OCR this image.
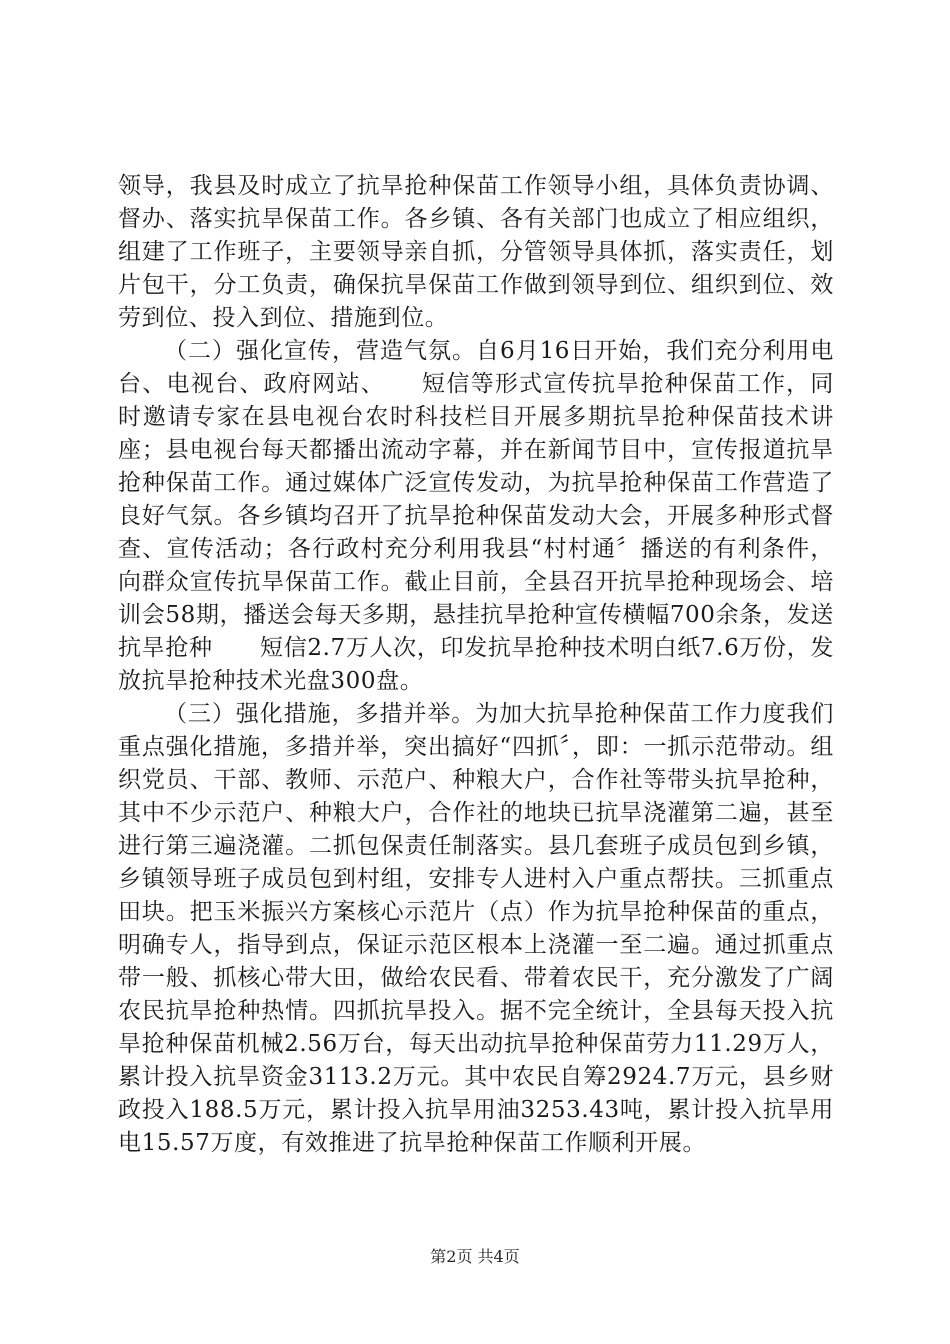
领导，我县及时成立了抗旱抢种保苗工作领导小组，具体负责协调、督办、落实抗旱保苗工作。各乡镇、各有关部门也成立了相应组织，组建了工作班子，主要领导亲自抓，分管领导具体抓，落实责任，划片包干，分工负责，确保抗旱保苗工作做到领导到位、组织到位、效劳到位、投入到位、措施到位。

（二）强化宣传，营造气氛。自6月16日开始，我们充分利用电台、电视台、政府网站、　　短信等形式宣传抗旱抢种保苗工作，同时邀请专家在县电视台农时科技栏目开展多期抗旱抢种保苗技术讲座；县电视台每天都播出流动字幕，并在新闻节目中，宣传报道抗旱抢种保苗工作。通过媒体广泛宣传发动，为抗旱抢种保苗工作营造了良好气氛。各乡镇均召开了抗旱抢种保苗发动大会，开展多种形式督查、宣传活动；各行政村充分利用我县“村村通〞播送的有利条件，向群众宣传抗旱保苗工作。截止目前，全县召开抗旱抢种现场会、培训会58期，播送会每天多期，悬挂抗旱抢种宣传横幅700余条，发送抗旱抢种　　短信2.7万人次，印发抗旱抢种技术明白纸7.6万份，发放抗旱抢种技术光盘300盘。

（三）强化措施，多措并举。为加大抗旱抢种保苗工作力度我们重点强化措施，多措并举，突出搞好“四抓〞，即：一抓示范带动。组织党员、干部、教师、示范户、种粮大户，合作社等带头抗旱抢种，其中不少示范户、种粮大户，合作社的地块已抗旱浇灌第二遍，甚至进行第三遍浇灌。二抓包保责任制落实。县几套班子成员包到乡镇，乡镇领导班子成员包到村组，安排专人进村入户重点帮扶。三抓重点田块。把玉米振兴方案核心示范片（点）作为抗旱抢种保苗的重点，明确专人，指导到点，保证示范区根本上浇灌一至二遍。通过抓重点带一般、抓核心带大田，做给农民看、带着农民干，充分激发了广阔农民抗旱抢种热情。四抓抗旱投入。据不完全统计，全县每天投入抗旱抢种保苗机械2.56万台，每天出动抗旱抢种保苗劳力11.29万人，累计投入抗旱资金3113.2万元。其中农民自筹2924.7万元，县乡财政投入188.5万元，累计投入抗旱用油3253.43吨，累计投入抗旱用电15.57万度，有效推进了抗旱抢种保苗工作顺利开展。

第2页 共4页
